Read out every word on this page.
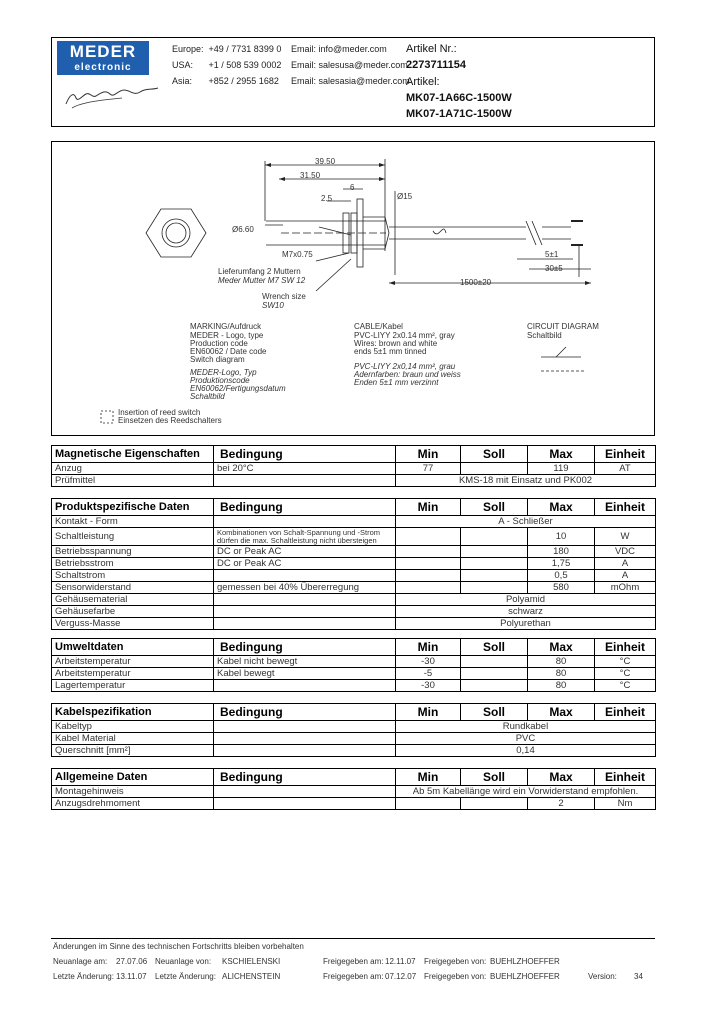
MEDER
electronic
Europe: +49 / 7731 8399 0 Email: info@meder.com
USA: +1 / 508 539 0002 Email: salesusa@meder.com
Asia: +852 / 2955 1682 Email: salesasia@meder.com
Artikel Nr.:
2273711154
Artikel:
MK07-1A66C-1500W
MK07-1A71C-1500W
39.50
31.50
6
2.5	Ø15
Ø6.60
M7x0.75	5±1
30±5
1500±20
Lieferumfang 2 Muttern
Meder Mutter M7 SW 12
Wrench size
SW10
MARKING/Aufdruck
MEDER - Logo, type
Production code
EN60062 / Date code
Switch diagram
MEDER-Logo, Typ
Produktionscode
EN60062/Fertigungsdatum
Schaltbild
CABLE/Kabel
PVC-LIYY 2x0.14 mm², gray
Wires: brown and white
ends 5±1 mm tinned
PVC-LIYY 2x0,14 mm², grau
Adernfarben: braun und weiss
Enden 5±1 mm verzinnt
CIRCUIT DIAGRAM
Schaltbild
Insertion of reed switch
Einsetzen des Reedschalters
Magnetische Eigenschaften	Bedingung	Min	Soll	Max	Einheit
Anzug	bei 20°C	77		119	AT
Prüfmittel		KMS-18 mit Einsatz und PK002			
Produktspezifische Daten	Bedingung	Min	Soll	Max	Einheit
Kontakt - Form		A - Schließer			
Schaltleistung	Kombinationen von Schalt-Spannung und -Strom dürfen die max. Schaltleistung nicht übersteigen			10	W
Betriebsspannung	DC or Peak AC			180	VDC
Betriebsstrom	DC or Peak AC			1,75	A
Schaltstrom				0,5	A
Sensorwiderstand	gemessen bei 40% Übererregung			580	mOhm
Gehäusematerial		Polyamid			
Gehäusefarbe		schwarz			
Verguss-Masse		Polyurethan			
Umweltdaten	Bedingung	Min	Soll	Max	Einheit
Arbeitstemperatur	Kabel nicht bewegt	-30		80	°C
Arbeitstemperatur	Kabel bewegt	-5		80	°C
Lagertemperatur		-30		80	°C
Kabelspezifikation	Bedingung	Min	Soll	Max	Einheit
Kabeltyp		Rundkabel			
Kabel Material		PVC			
Querschnitt [mm²]		0,14			
Allgemeine Daten	Bedingung	Min	Soll	Max	Einheit
Montagehinweis		Ab 5m Kabellänge wird ein Vorwiderstand empfohlen.			
Anzugsdrehmoment				2	Nm
Änderungen im Sinne des technischen Fortschritts bleiben vorbehalten
Neuanlage am: 27.07.06 Neuanlage von: KSCHIELENSKI	Freigegeben am: 12.11.07 Freigegeben von: BUEHLZHOEFFER
Letzte Änderung: 13.11.07 Letzte Änderung: ALICHENSTEIN	Freigegeben am: 07.12.07 Freigegeben von: BUEHLZHOEFFER	Version: 34
